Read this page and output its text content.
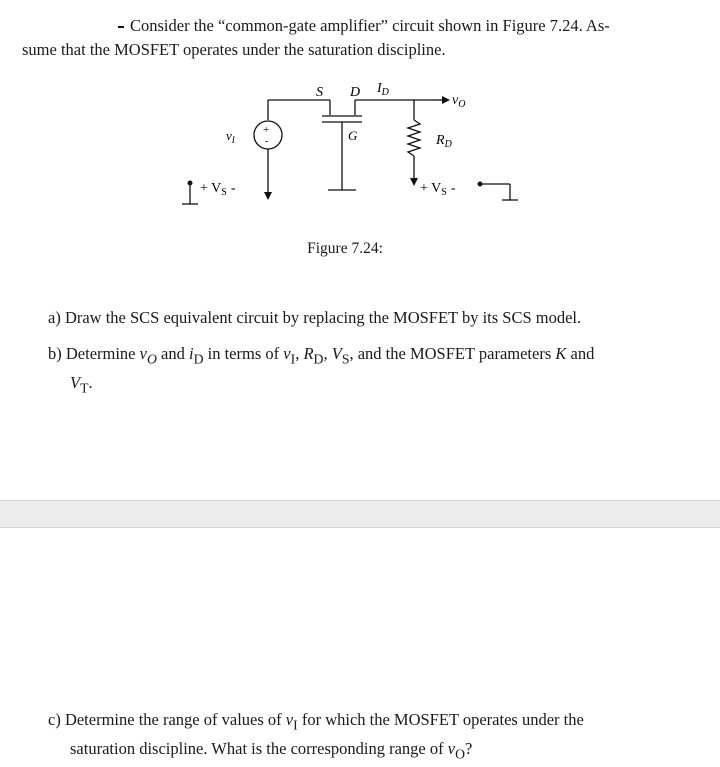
Consider the “common-gate amplifier” circuit shown in Figure 7.24. As-
sume that the MOSFET operates under the saturation discipline.
S D $I_D$
G
$v_O$
$R_D$
$v_I$
+
-
+ $V_S$ -	+ $V_S$ -
Figure 7.24:
a) Draw the SCS equivalent circuit by replacing the MOSFET by its SCS model.
b) Determine $v_O$ and $i_D$ in terms of $v_I$, $R_D$, $V_S$, and the MOSFET parameters K and
$V_T$.
c) Determine the range of values of $v_I$ for which the MOSFET operates under the
saturation discipline. What is the corresponding range of $v_O$?
